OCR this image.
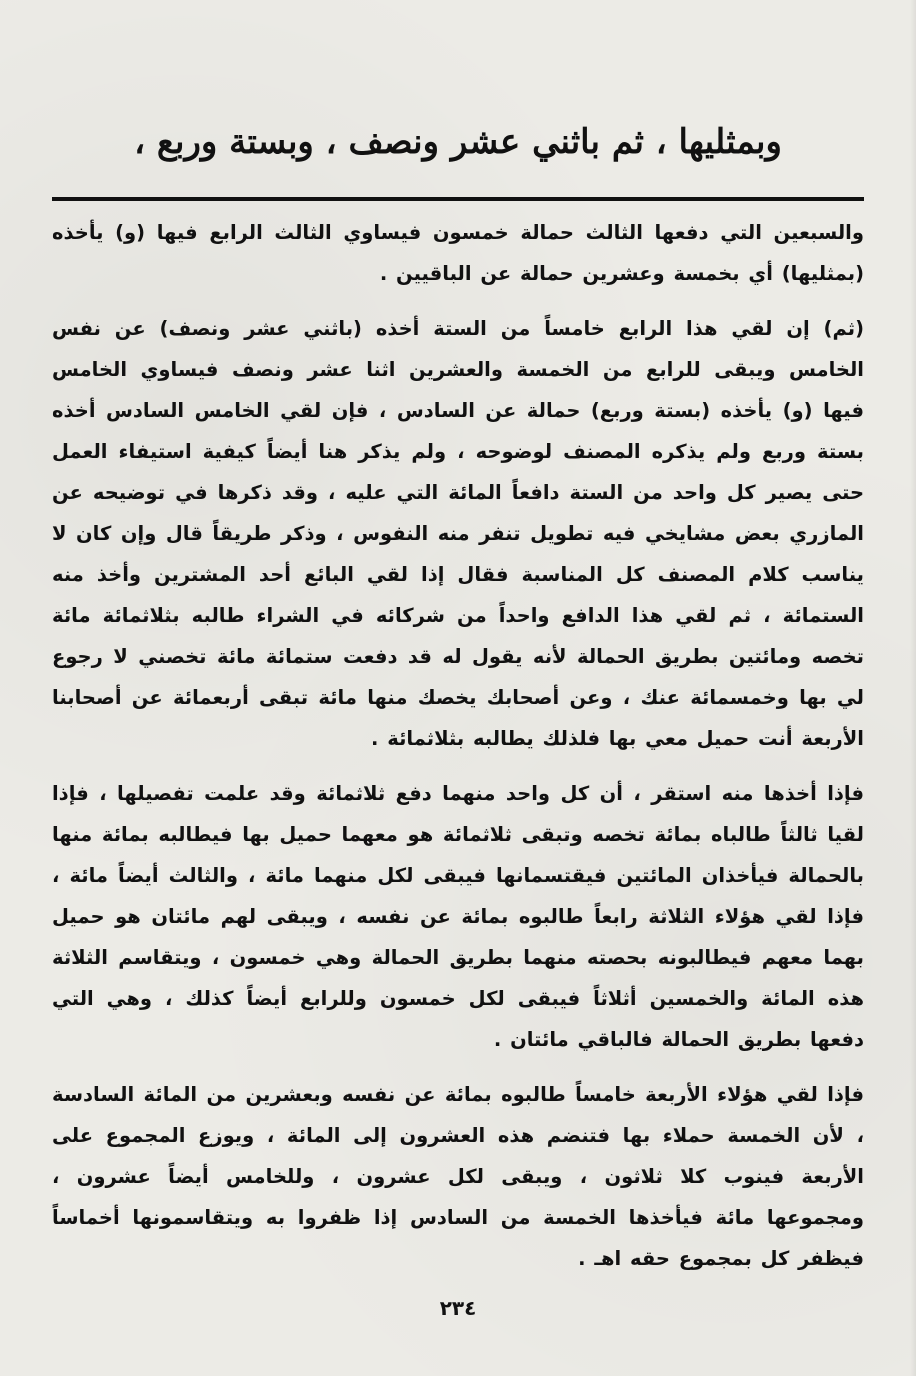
وبمثليها ، ثم باثني عشر ونصف ، وبستة وربع ،

والسبعين التي دفعها الثالث حمالة خمسون فيساوي الثالث الرابع فيها (و) يأخذه (بمثليها) أي بخمسة وعشرين حمالة عن الباقيين .

(ثم) إن لقي هذا الرابع خامساً من الستة أخذه (باثني عشر ونصف) عن نفس الخامس ويبقى للرابع من الخمسة والعشرين اثنا عشر ونصف فيساوي الخامس فيها (و) يأخذه (بستة وربع) حمالة عن السادس ، فإن لقي الخامس السادس أخذه بستة وربع ولم يذكره المصنف لوضوحه ، ولم يذكر هنا أيضاً كيفية استيفاء العمل حتى يصير كل واحد من الستة دافعاً المائة التي عليه ، وقد ذكرها في توضيحه عن المازري بعض مشايخي فيه تطويل تنفر منه النفوس ، وذكر طريقاً قال وإن كان لا يناسب كلام المصنف كل المناسبة فقال إذا لقي البائع أحد المشترين وأخذ منه الستمائة ، ثم لقي هذا الدافع واحداً من شركائه في الشراء طالبه بثلاثمائة مائة تخصه ومائتين بطريق الحمالة لأنه يقول له قد دفعت ستمائة مائة تخصني لا رجوع لي بها وخمسمائة عنك ، وعن أصحابك يخصك منها مائة تبقى أربعمائة عن أصحابنا الأربعة أنت حميل معي بها فلذلك يطالبه بثلاثمائة .

فإذا أخذها منه استقر ، أن كل واحد منهما دفع ثلاثمائة وقد علمت تفصيلها ، فإذا لقيا ثالثاً طالباه بمائة تخصه وتبقى ثلاثمائة هو معهما حميل بها فيطالبه بمائة منها بالحمالة فيأخذان المائتين فيقتسمانها فيبقى لكل منهما مائة ، والثالث أيضاً مائة ، فإذا لقي هؤلاء الثلاثة رابعاً طالبوه بمائة عن نفسه ، ويبقى لهم مائتان هو حميل بهما معهم فيطالبونه بحصته منهما بطريق الحمالة وهي خمسون ، ويتقاسم الثلاثة هذه المائة والخمسين أثلاثاً فيبقى لكل خمسون وللرابع أيضاً كذلك ، وهي التي دفعها بطريق الحمالة فالباقي مائتان .

فإذا لقي هؤلاء الأربعة خامساً طالبوه بمائة عن نفسه وبعشرين من المائة السادسة ، لأن الخمسة حملاء بها فتنضم هذه العشرون إلى المائة ، ويوزع المجموع على الأربعة فينوب كلا ثلاثون ، ويبقى لكل عشرون ، وللخامس أيضاً عشرون ، ومجموعها مائة فيأخذها الخمسة من السادس إذا ظفروا به ويتقاسمونها أخماساً فيظفر كل بمجموع حقه اهـ .

٢٣٤
